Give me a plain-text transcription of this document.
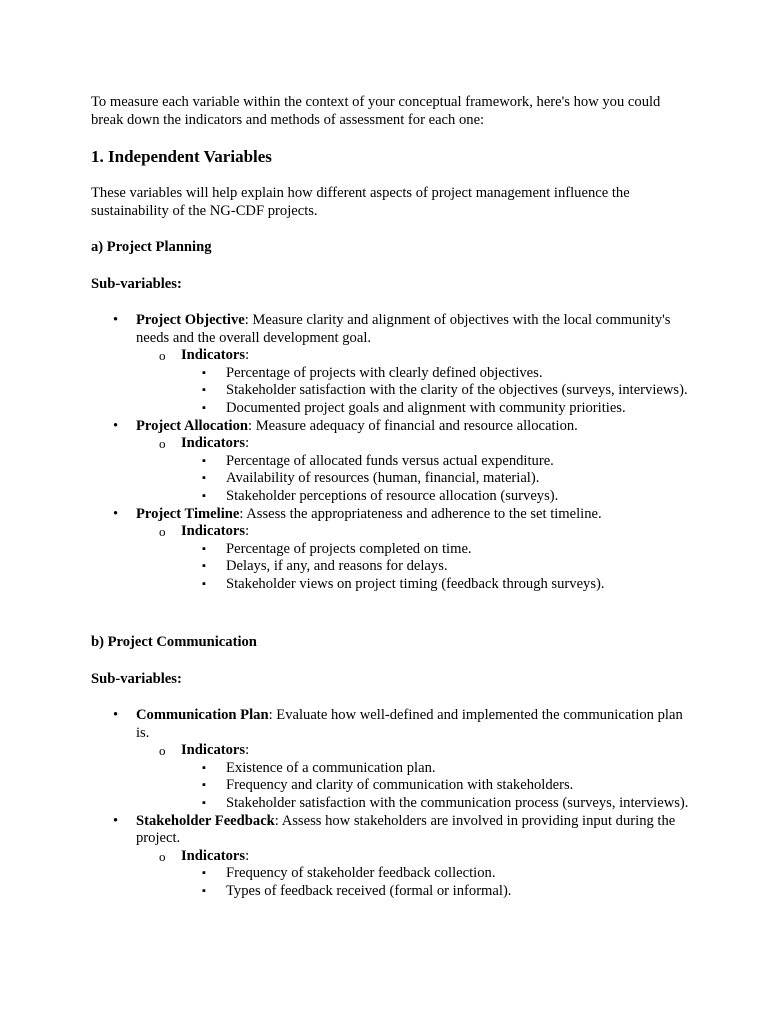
To measure each variable within the context of your conceptual framework, here's how you could break down the indicators and methods of assessment for each one:
1. Independent Variables
These variables will help explain how different aspects of project management influence the sustainability of the NG-CDF projects.
a) Project Planning
Sub-variables:
• Project Objective: Measure clarity and alignment of objectives with the local community's needs and the overall development goal.
o Indicators:
▪ Percentage of projects with clearly defined objectives.
▪ Stakeholder satisfaction with the clarity of the objectives (surveys, interviews).
▪ Documented project goals and alignment with community priorities.
• Project Allocation: Measure adequacy of financial and resource allocation.
o Indicators:
▪ Percentage of allocated funds versus actual expenditure.
▪ Availability of resources (human, financial, material).
▪ Stakeholder perceptions of resource allocation (surveys).
• Project Timeline: Assess the appropriateness and adherence to the set timeline.
o Indicators:
▪ Percentage of projects completed on time.
▪ Delays, if any, and reasons for delays.
▪ Stakeholder views on project timing (feedback through surveys).
b) Project Communication
Sub-variables:
• Communication Plan: Evaluate how well-defined and implemented the communication plan is.
o Indicators:
▪ Existence of a communication plan.
▪ Frequency and clarity of communication with stakeholders.
▪ Stakeholder satisfaction with the communication process (surveys, interviews).
• Stakeholder Feedback: Assess how stakeholders are involved in providing input during the project.
o Indicators:
▪ Frequency of stakeholder feedback collection.
▪ Types of feedback received (formal or informal).
